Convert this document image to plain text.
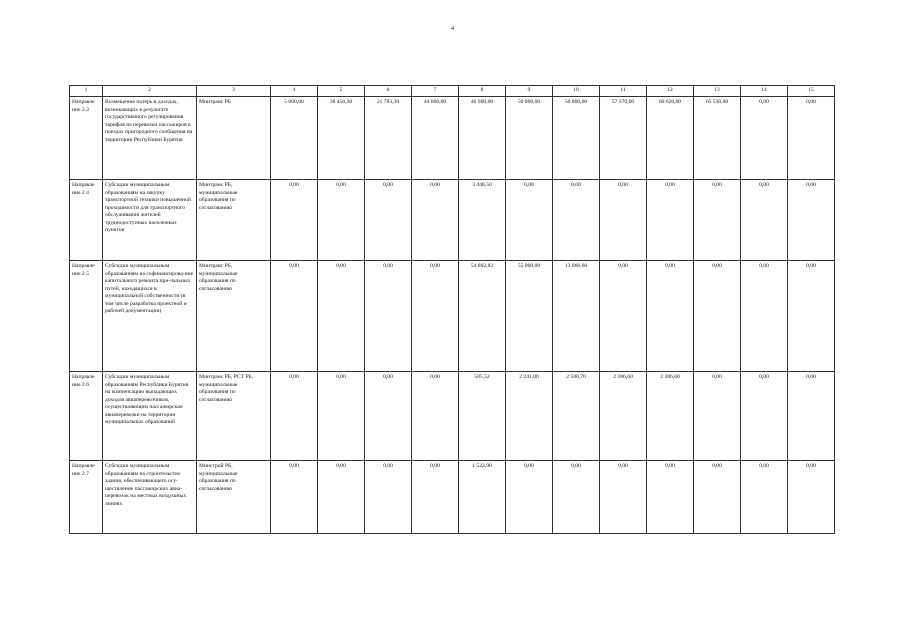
4
1	2	3	4	5	6	7	8	9	10	11	12	13	14	15
Направле ние 2.3	Возмещение потерь в доходах, возникающих в результате государственного регулирования тарифов на перевозки пассажиров в поездах пригородного сообщения на территории Республики Бурятия	Минтранс РБ	5 000,00	38 456,30	21 783,30	44 000,00	46 900,00	50 000,00	50 000,00	57 370,00	60 620,00	65 530,00	0,00	0,00
Направле ние 2.4	Субсидии муниципальным образованиям на закупку транспортной техники повышенной проходимости для транспортного обслуживания жителей труднодоступных населенных пунктов	Минтранс РБ, муниципальные образования по согласованию	0,00	0,00	0,00	0,00	3 448,50	0,00	0,00	0,00	0,00	0,00	0,00	0,00
Направле ние 2.5	Субсидии муниципальным образованиям на софинансирова-ние капитального ремонта при-чальных путей, находящихся в муниципальной собственности (в том числе разработка проектной и рабочей документации)	Минтранс РБ, муниципальные образования по согласованию	0,00	0,00	0,00	0,00	54 802,82	55 000,00	13 066,60	0,00	0,00	0,00	0,00	0,00
Направле ние 2.6	Субсидии муниципальным образованиям Республики Бурятия на компенсацию выпадающих доходов авиаперевозчиков, осуществляющим пассажирские авиаперевозки на территории муниципальных образований	Минтранс РБ, РСТ РБ, муниципальные образования по согласованию	0,00	0,00	0,00	0,00	505,52	2 241,00	2 580,70	2 386,60	2 386,60	0,00	0,00	0,00
Направле ние 2.7	Субсидии муниципальным образованиям на строительство здания, обеспечивающего осу-ществление пассажирских авиа-перевозок на местных воздушных линиях	Минстрой РБ, муниципальные образования по согласованию	0,00	0,00	0,00	0,00	1 522,90	0,00	0,00	0,00	0,00	0,00	0,00	0,00
